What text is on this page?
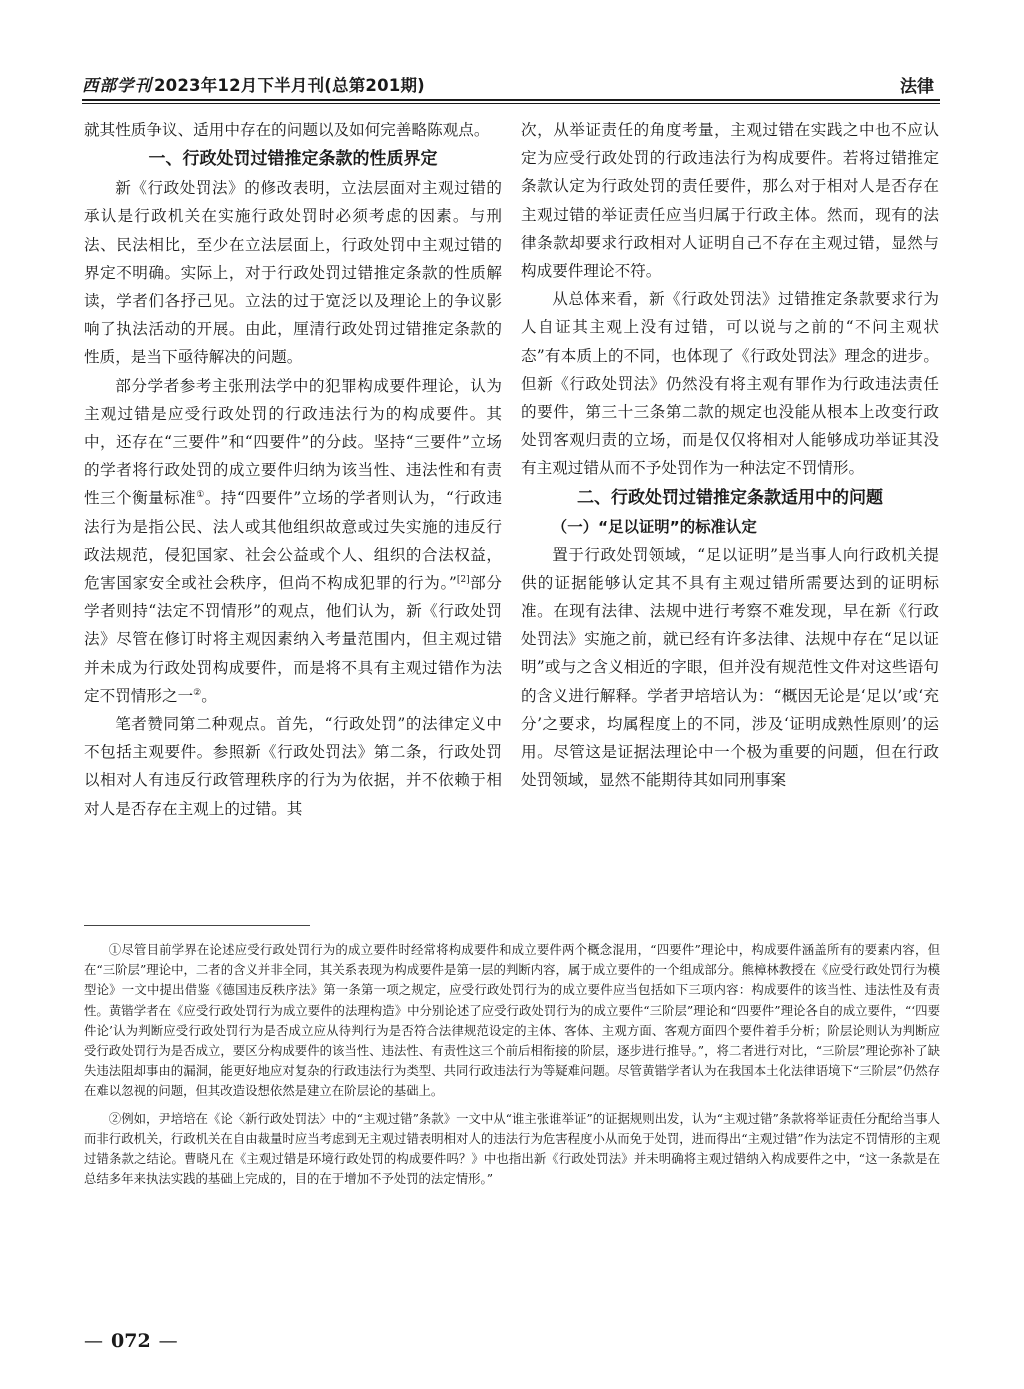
西部学刊 2023年12月下半月刊(总第201期)	法律

就其性质争议、适用中存在的问题以及如何完善略陈观点。

一、行政处罚过错推定条款的性质界定

新《行政处罚法》的修改表明，立法层面对主观过错的承认是行政机关在实施行政处罚时必须考虑的因素。与刑法、民法相比，至少在立法层面上，行政处罚中主观过错的界定不明确。实际上，对于行政处罚过错推定条款的性质解读，学者们各抒己见。立法的过于宽泛以及理论上的争议影响了执法活动的开展。由此，厘清行政处罚过错推定条款的性质，是当下亟待解决的问题。

部分学者参考主张刑法学中的犯罪构成要件理论，认为主观过错是应受行政处罚的行政违法行为的构成要件。其中，还存在“三要件”和“四要件”的分歧。坚持“三要件”立场的学者将行政处罚的成立要件归纳为该当性、违法性和有责性三个衡量标准①。持“四要件”立场的学者则认为，“行政违法行为是指公民、法人或其他组织故意或过失实施的违反行政法规范，侵犯国家、社会公益或个人、组织的合法权益，危害国家安全或社会秩序，但尚不构成犯罪的行为。”[2]部分学者则持“法定不罚情形”的观点，他们认为，新《行政处罚法》尽管在修订时将主观因素纳入考量范围内，但主观过错并未成为行政处罚构成要件，而是将不具有主观过错作为法定不罚情形之一②。

笔者赞同第二种观点。首先，“行政处罚”的法律定义中不包括主观要件。参照新《行政处罚法》第二条，行政处罚以相对人有违反行政管理秩序的行为为依据，并不依赖于相对人是否存在主观上的过错。其

次，从举证责任的角度考量，主观过错在实践之中也不应认定为应受行政处罚的行政违法行为构成要件。若将过错推定条款认定为行政处罚的责任要件，那么对于相对人是否存在主观过错的举证责任应当归属于行政主体。然而，现有的法律条款却要求行政相对人证明自己不存在主观过错，显然与构成要件理论不符。

从总体来看，新《行政处罚法》过错推定条款要求行为人自证其主观上没有过错，可以说与之前的“不问主观状态”有本质上的不同，也体现了《行政处罚法》理念的进步。但新《行政处罚法》仍然没有将主观有罪作为行政违法责任的要件，第三十三条第二款的规定也没能从根本上改变行政处罚客观归责的立场，而是仅仅将相对人能够成功举证其没有主观过错从而不予处罚作为一种法定不罚情形。

二、行政处罚过错推定条款适用中的问题
（一）“足以证明”的标准认定

置于行政处罚领域，“足以证明”是当事人向行政机关提供的证据能够认定其不具有主观过错所需要达到的证明标准。在现有法律、法规中进行考察不难发现，早在新《行政处罚法》实施之前，就已经有许多法律、法规中存在“足以证明”或与之含义相近的字眼，但并没有规范性文件对这些语句的含义进行解释。学者尹培培认为：“概因无论是‘足以’或‘充分’之要求，均属程度上的不同，涉及‘证明成熟性原则’的运用。尽管这是证据法理论中一个极为重要的问题，但在行政处罚领域，显然不能期待其如同刑事案

①尽管目前学界在论述应受行政处罚行为的成立要件时经常将构成要件和成立要件两个概念混用，“四要件”理论中，构成要件涵盖所有的要素内容，但在“三阶层”理论中，二者的含义并非全同，其关系表现为构成要件是第一层的判断内容，属于成立要件的一个组成部分。熊樟林教授在《应受行政处罚行为模型论》一文中提出借鉴《德国违反秩序法》第一条第一项之规定，应受行政处罚行为的成立要件应当包括如下三项内容：构成要件的该当性、违法性及有责性。黄锴学者在《应受行政处罚行为成立要件的法理构造》中分别论述了应受行政处罚行为的成立要件“三阶层”理论和“四要件”理论各自的成立要件，“‘四要件论’认为判断应受行政处罚行为是否成立应从待判行为是否符合法律规范设定的主体、客体、主观方面、客观方面四个要件着手分析；阶层论则认为判断应受行政处罚行为是否成立，要区分构成要件的该当性、违法性、有责性这三个前后相衔接的阶层，逐步进行推导。”，将二者进行对比，“三阶层”理论弥补了缺失违法阻却事由的漏洞，能更好地应对复杂的行政违法行为类型、共同行政违法行为等疑难问题。尽管黄锴学者认为在我国本土化法律语境下“三阶层”仍然存在难以忽视的问题，但其改造设想依然是建立在阶层论的基础上。

②例如，尹培培在《论〈新行政处罚法〉中的“主观过错”条款》一文中从“谁主张谁举证”的证据规则出发，认为“主观过错”条款将举证责任分配给当事人而非行政机关，行政机关在自由裁量时应当考虑到无主观过错表明相对人的违法行为危害程度小从而免于处罚，进而得出“主观过错”作为法定不罚情形的主观过错条款之结论。曹晓凡在《主观过错是环境行政处罚的构成要件吗？》中也指出新《行政处罚法》并未明确将主观过错纳入构成要件之中，“这一条款是在总结多年来执法实践的基础上完成的，目的在于增加不予处罚的法定情形。”

— 072 —
